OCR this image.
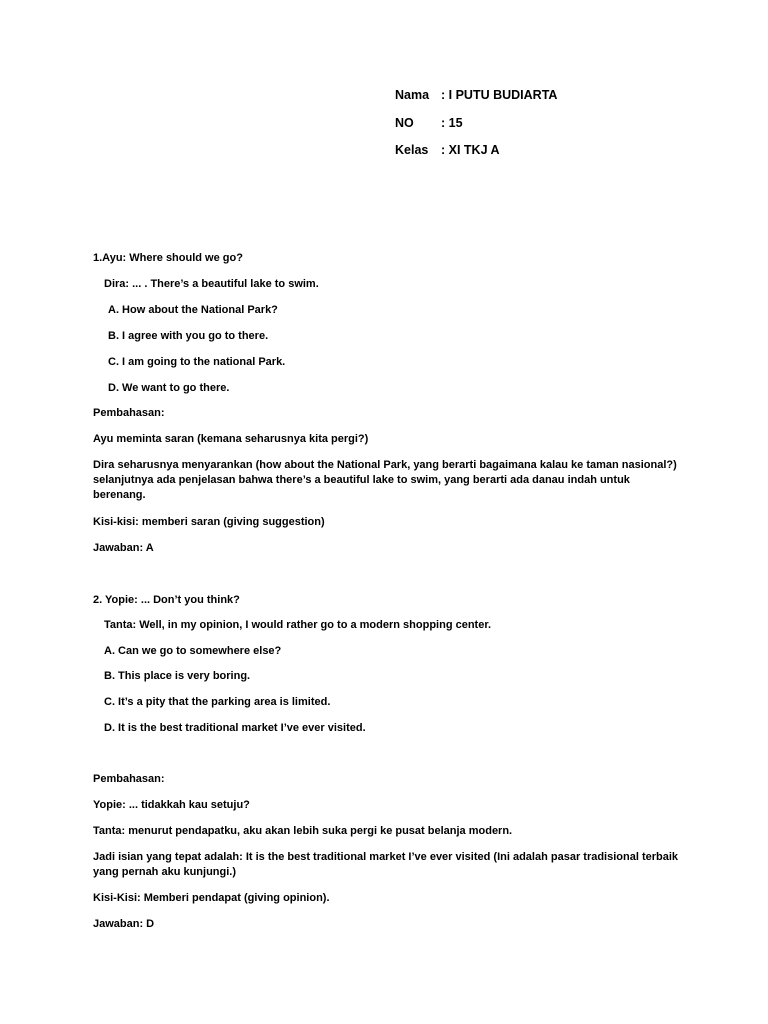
Nama : I PUTU BUDIARTA
NO : 15
Kelas : XI TKJ A
1.Ayu: Where should we go?
Dira: ... . There’s a beautiful lake to swim.
A. How about the National Park?
B. I agree with you go to there.
C. I am going to the national Park.
D. We want to go there.
Pembahasan:
Ayu meminta saran (kemana seharusnya kita pergi?)
Dira seharusnya menyarankan (how about the National Park, yang berarti bagaimana kalau ke taman nasional?) selanjutnya ada penjelasan bahwa there’s a beautiful lake to swim, yang berarti ada danau indah untuk berenang.
Kisi-kisi: memberi saran (giving suggestion)
Jawaban: A
2. Yopie: ... Don’t you think?
Tanta: Well, in my opinion, I would rather go to a modern shopping center.
A. Can we go to somewhere else?
B. This place is very boring.
C. It’s a pity that the parking area is limited.
D. It is the best traditional market I’ve ever visited.
Pembahasan:
Yopie: ... tidakkah kau setuju?
Tanta: menurut pendapatku, aku akan lebih suka pergi ke pusat belanja modern.
Jadi isian yang tepat adalah: It is the best traditional market I’ve ever visited (Ini adalah pasar tradisional terbaik yang pernah aku kunjungi.)
Kisi-Kisi: Memberi pendapat (giving opinion).
Jawaban: D
